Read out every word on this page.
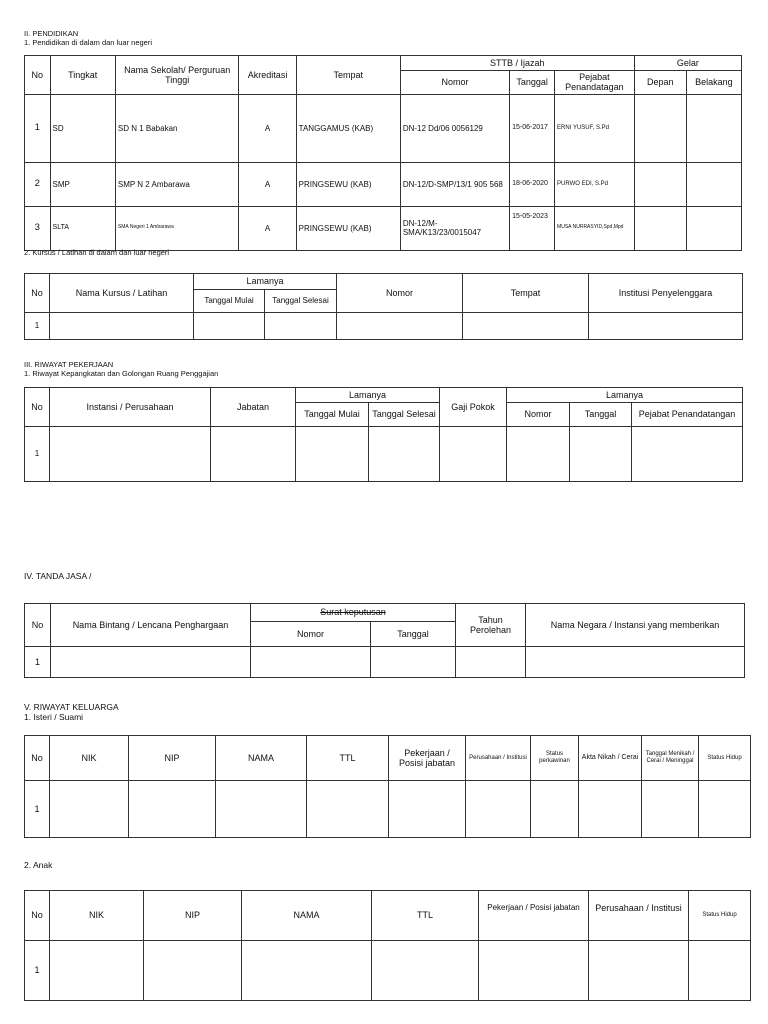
II. PENDIDIKAN
1. Pendidikan di dalam dan luar negeri
No	Tingkat	Nama Sekolah/ Perguruan Tinggi	Akreditasi	Tempat	STTB / Ijazah			Gelar	
					Nomor	Tanggal	Pejabat Penandatagan	Depan	Belakang
1	SD	SD N 1 Babakan	A	TANGGAMUS (KAB)	DN-12 Dd/06 0056129	15-06-2017	ERNI YUSUF, S.Pd		
2	SMP	SMP N 2 Ambarawa	A	PRINGSEWU (KAB)	DN-12/D-SMP/13/1 905 568	18-06-2020	PURWO EDI, S.Pd		
3	SLTA	SMA Negeri 1 Ambarawa	A	PRINGSEWU (KAB)	DN-12/M-SMA/K13/23/0015047	15-05-2023	MUSA NURRASYID,Spd,Mpd		
2. Kursus / Latihan di dalam dan luar negeri
No	Nama Kursus / Latihan	Lamanya		Nomor	Tempat	Institusi Penyelenggara
		Tanggal Mulai	Tanggal Selesai			
1						
III. RIWAYAT PEKERJAAN
1. Riwayat Kepangkatan dan Golongan Ruang Penggajian
No	Instansi / Perusahaan	Jabatan	Lamanya		Gaji Pokok	Lamanya		
			Tanggal Mulai	Tanggal Selesai		Nomor	Tanggal	Pejabat Penandatangan
1								
IV. TANDA JASA /
No	Nama Bintang / Lencana Penghargaan	Surat keputusan		Tahun Perolehan	Nama Negara / Instansi yang memberikan
		Nomor	Tanggal		
1					
V. RIWAYAT KELUARGA
1. Isteri / Suami
No	NIK	NIP	NAMA	TTL	Pekerjaan / Posisi jabatan	Perusahaan / Institusi	Status perkawinan	Akta Nikah / Cerai	Tanggal Menikah / Cerai / Meninggal	Status Hidup
1										
2. Anak
No	NIK	NIP	NAMA	TTL	Pekerjaan / Posisi jabatan	Perusahaan / Institusi	Status Hidup
1							
